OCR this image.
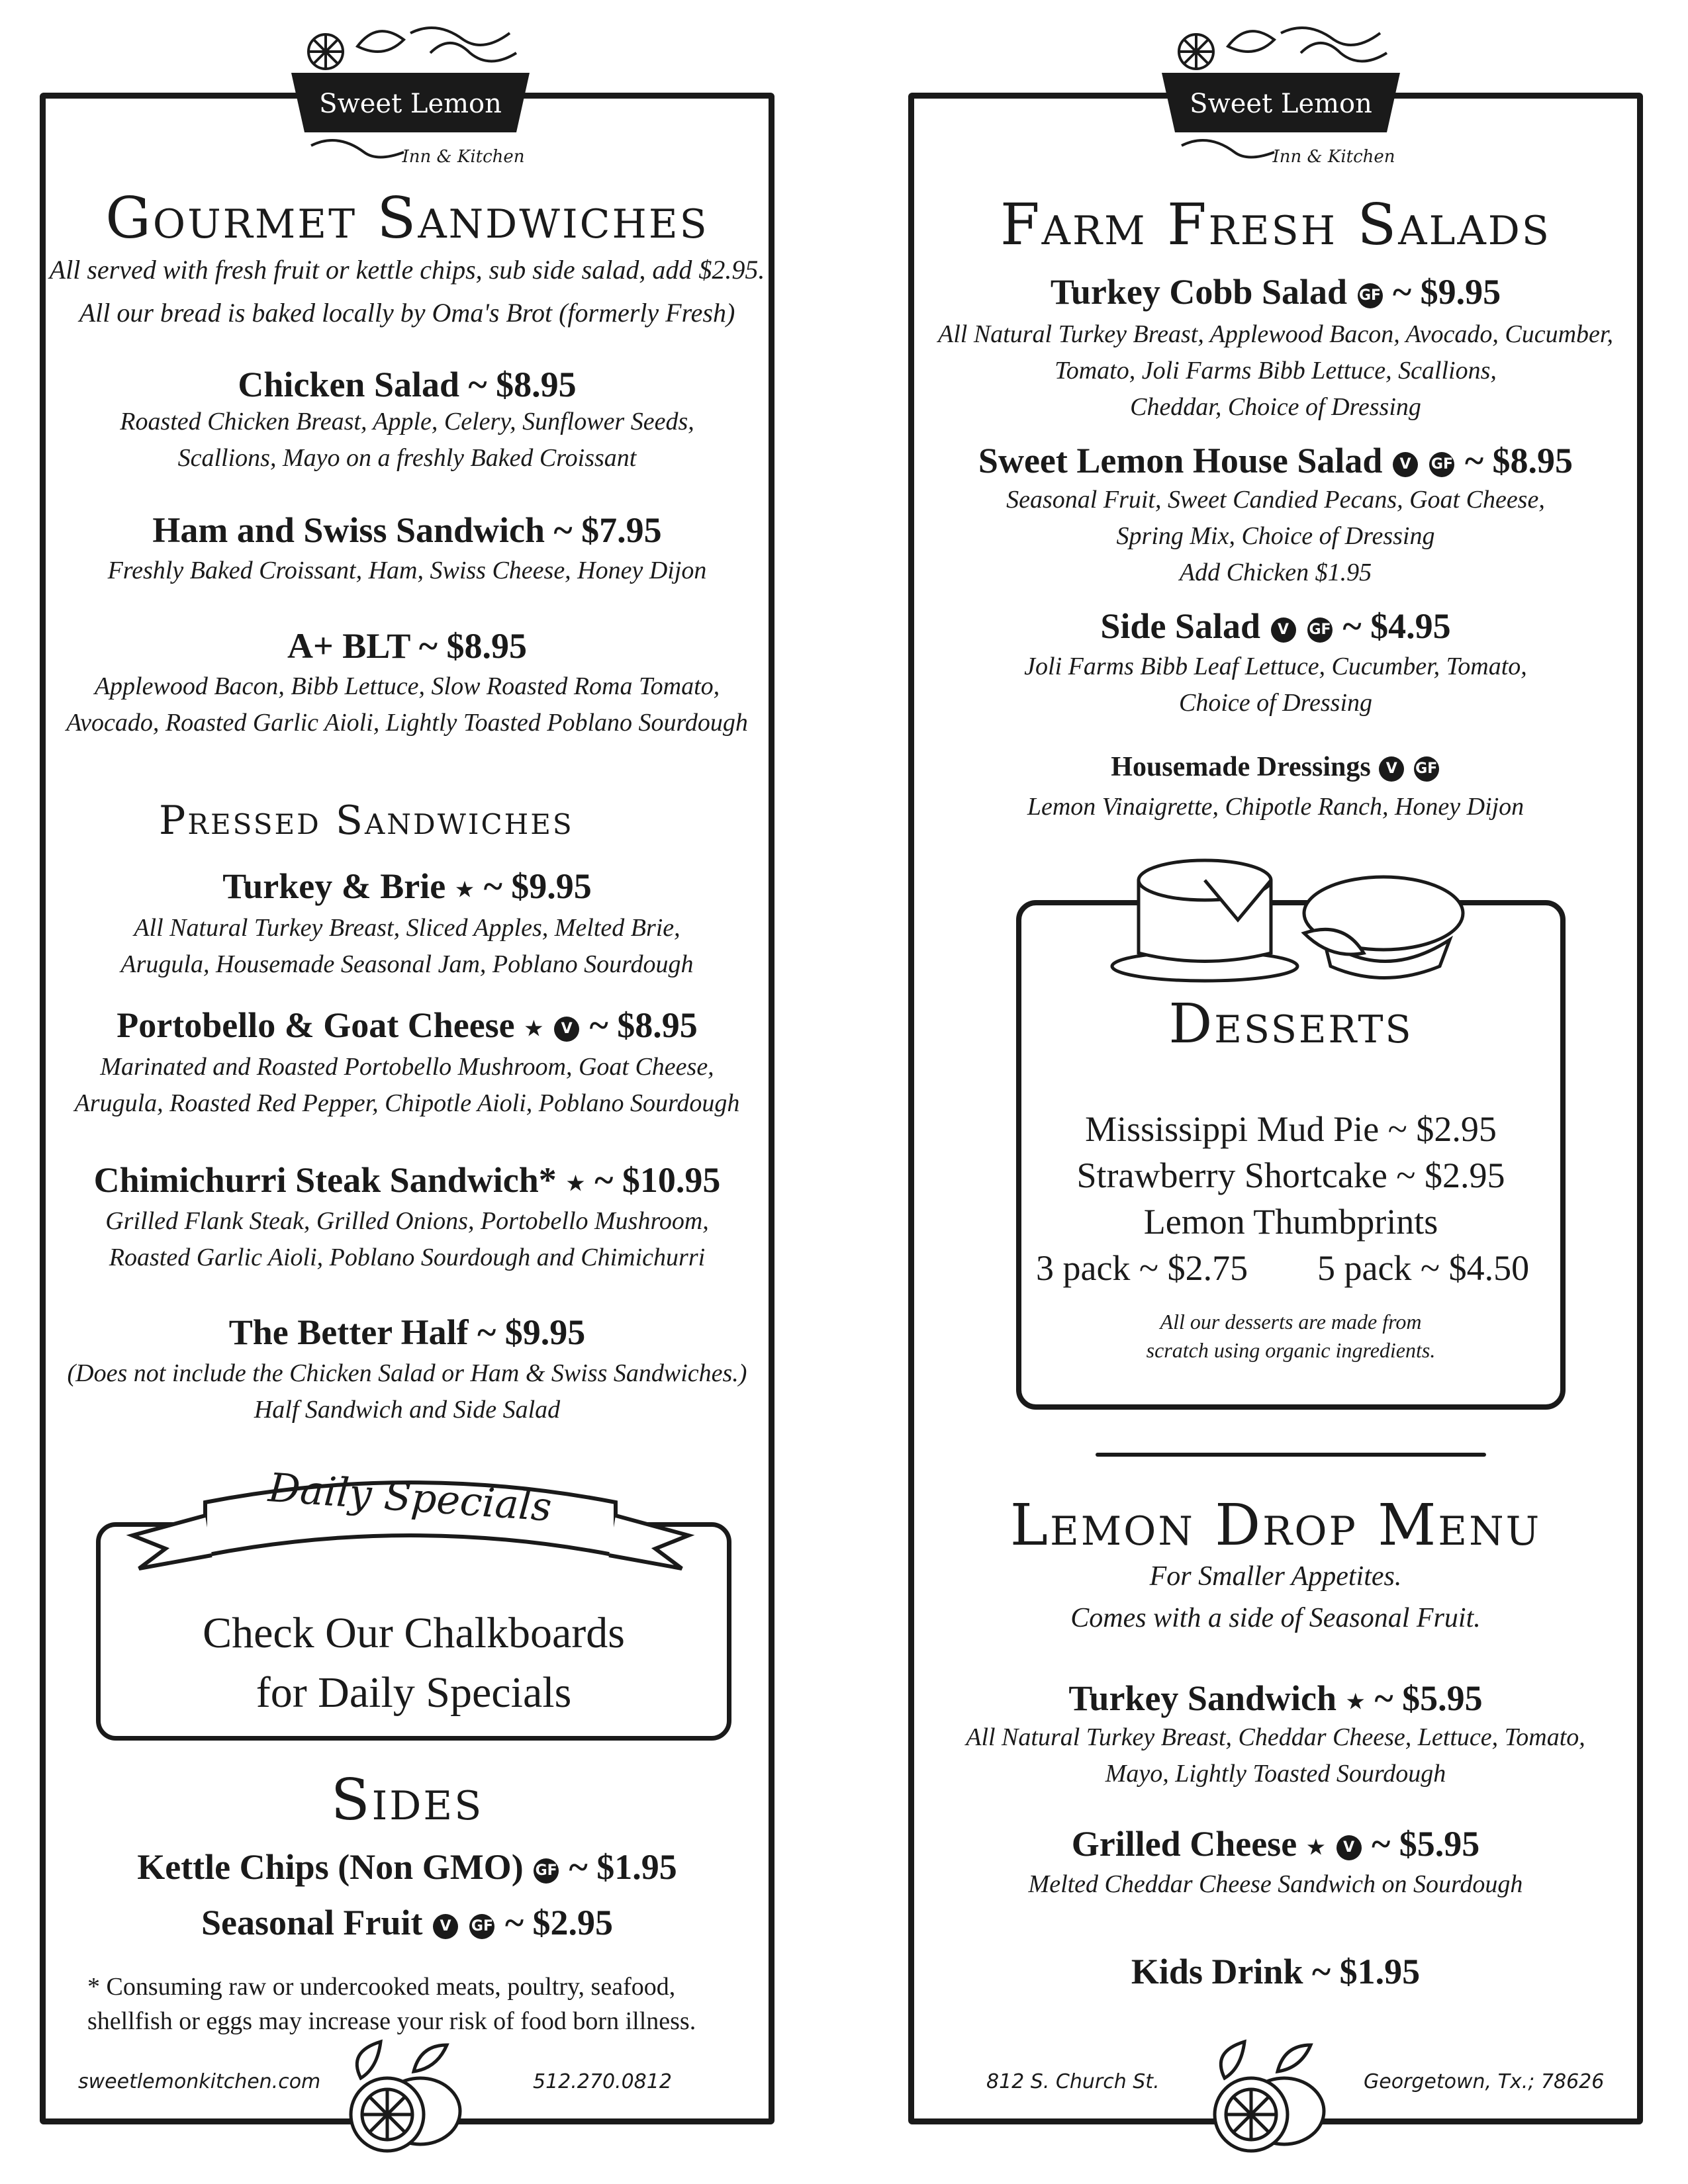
Sweet Lemon
Inn & Kitchen
Gourmet Sandwiches
All served with fresh fruit or kettle chips, sub side salad, add $2.95.
All our bread is baked locally by Oma's Brot (formerly Fresh)
Chicken Salad ~ $8.95
Roasted Chicken Breast, Apple, Celery, Sunflower Seeds,
Scallions, Mayo on a freshly Baked Croissant
Ham and Swiss Sandwich ~ $7.95
Freshly Baked Croissant, Ham, Swiss Cheese, Honey Dijon
A+ BLT ~ $8.95
Applewood Bacon, Bibb Lettuce, Slow Roasted Roma Tomato,
Avocado, Roasted Garlic Aioli, Lightly Toasted Poblano Sourdough
Pressed Sandwiches
Turkey & Brie ★ ~ $9.95
All Natural Turkey Breast, Sliced Apples, Melted Brie,
Arugula, Housemade Seasonal Jam, Poblano Sourdough
Portobello & Goat Cheese ★ V ~ $8.95
Marinated and Roasted Portobello Mushroom, Goat Cheese,
Arugula, Roasted Red Pepper, Chipotle Aioli, Poblano Sourdough
Chimichurri Steak Sandwich* ★ ~ $10.95
Grilled Flank Steak, Grilled Onions, Portobello Mushroom,
Roasted Garlic Aioli, Poblano Sourdough and Chimichurri
The Better Half ~ $9.95
(Does not include the Chicken Salad or Ham & Swiss Sandwiches.)
Half Sandwich and Side Salad
Daily Specials
Check Our Chalkboards
for Daily Specials
Sides
Kettle Chips (Non GMO) GF ~ $1.95
Seasonal Fruit V GF ~ $2.95
* Consuming raw or undercooked meats, poultry, seafood,
shellfish or eggs may increase your risk of food born illness.
sweetlemonkitchen.com	512.270.0812
Sweet Lemon
Inn & Kitchen
Farm Fresh Salads
Turkey Cobb Salad GF ~ $9.95
All Natural Turkey Breast, Applewood Bacon, Avocado, Cucumber,
Tomato, Joli Farms Bibb Lettuce, Scallions,
Cheddar, Choice of Dressing
Sweet Lemon House Salad V GF ~ $8.95
Seasonal Fruit, Sweet Candied Pecans, Goat Cheese,
Spring Mix, Choice of Dressing
Add Chicken $1.95
Side Salad V GF ~ $4.95
Joli Farms Bibb Leaf Lettuce, Cucumber, Tomato,
Choice of Dressing
Housemade Dressings V GF
Lemon Vinaigrette, Chipotle Ranch, Honey Dijon
Desserts
Mississippi Mud Pie ~ $2.95
Strawberry Shortcake ~ $2.95
Lemon Thumbprints
3 pack ~ $2.75 5 pack ~ $4.50
All our desserts are made from
scratch using organic ingredients.
Lemon Drop Menu
For Smaller Appetites.
Comes with a side of Seasonal Fruit.
Turkey Sandwich ★ ~ $5.95
All Natural Turkey Breast, Cheddar Cheese, Lettuce, Tomato,
Mayo, Lightly Toasted Sourdough
Grilled Cheese ★ V ~ $5.95
Melted Cheddar Cheese Sandwich on Sourdough
Kids Drink ~ $1.95
812 S. Church St.	Georgetown, Tx.; 78626
